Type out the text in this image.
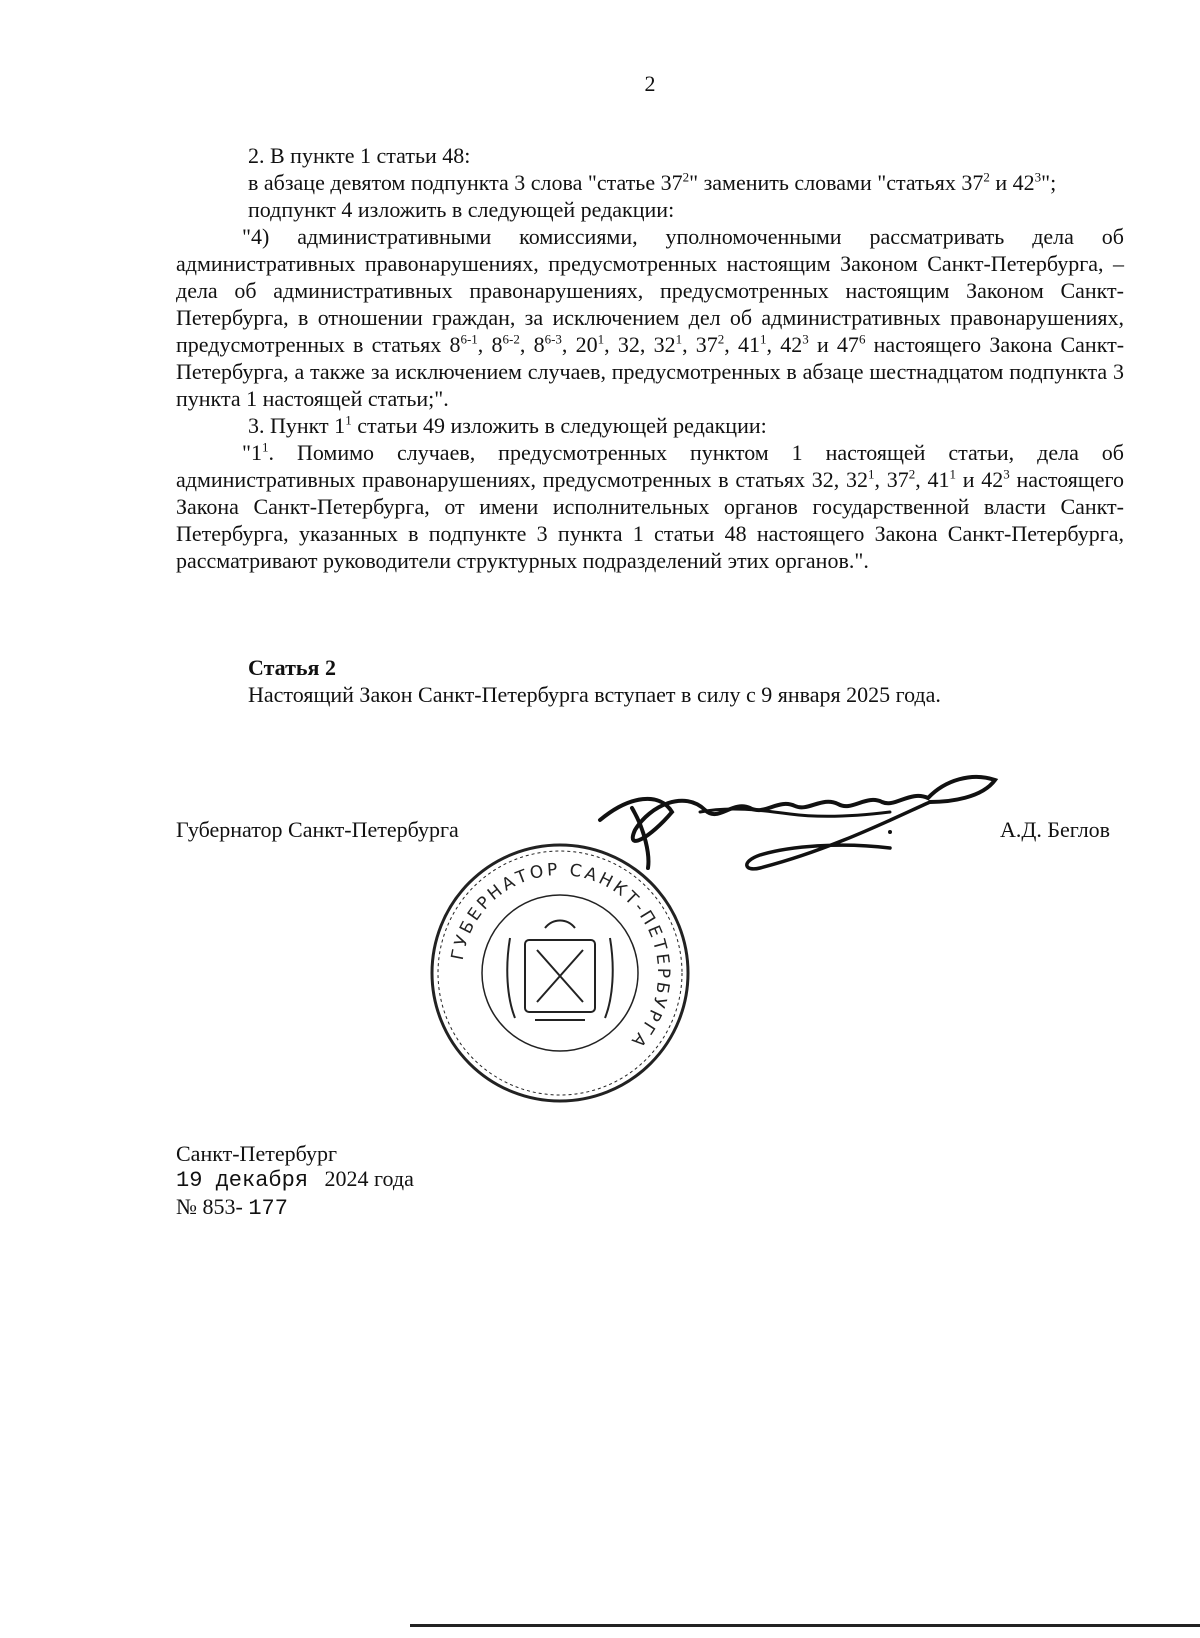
2

2. В пункте 1 статьи 48:

в абзаце девятом подпункта 3 слова "статье $37^2$" заменить словами "статьях $37^2$ и $42^3$";

подпункт 4 изложить в следующей редакции:

"4) административными комиссиями, уполномоченными рассматривать дела об административных правонарушениях, предусмотренных настоящим Законом Санкт-Петербурга, – дела об административных правонарушениях, предусмотренных настоящим Законом Санкт-Петербурга, в отношении граждан, за исключением дел об административных правонарушениях, предусмотренных в статьях 8$^{6-1}$, 8$^{6-2}$, 8$^{6-3}$, $20^1$, 32, $32^1$, $37^2$, $41^1$, $42^3$ и $47^6$ настоящего Закона Санкт-Петербурга, а также за исключением случаев, предусмотренных в абзаце шестнадцатом подпункта 3 пункта 1 настоящей статьи;".

3. Пункт $1^1$ статьи 49 изложить в следующей редакции:

"$1^1$. Помимо случаев, предусмотренных пунктом 1 настоящей статьи, дела об административных правонарушениях, предусмотренных в статьях 32, $32^1$, $37^2$, $41^1$ и $42^3$ настоящего Закона Санкт-Петербурга, от имени исполнительных органов государственной власти Санкт-Петербурга, указанных в подпункте 3 пункта 1 статьи 48 настоящего Закона Санкт-Петербурга, рассматривают руководители структурных подразделений этих органов.".

Статья 2
Настоящий Закон Санкт-Петербурга вступает в силу с 9 января 2025 года.
Губернатор Санкт-Петербурга	А.Д. Беглов
ГУБЕРНАТОР САНКТ-ПЕТЕРБУРГА
Санкт-Петербург
19 декабря 2024 года
№ 853- 177
